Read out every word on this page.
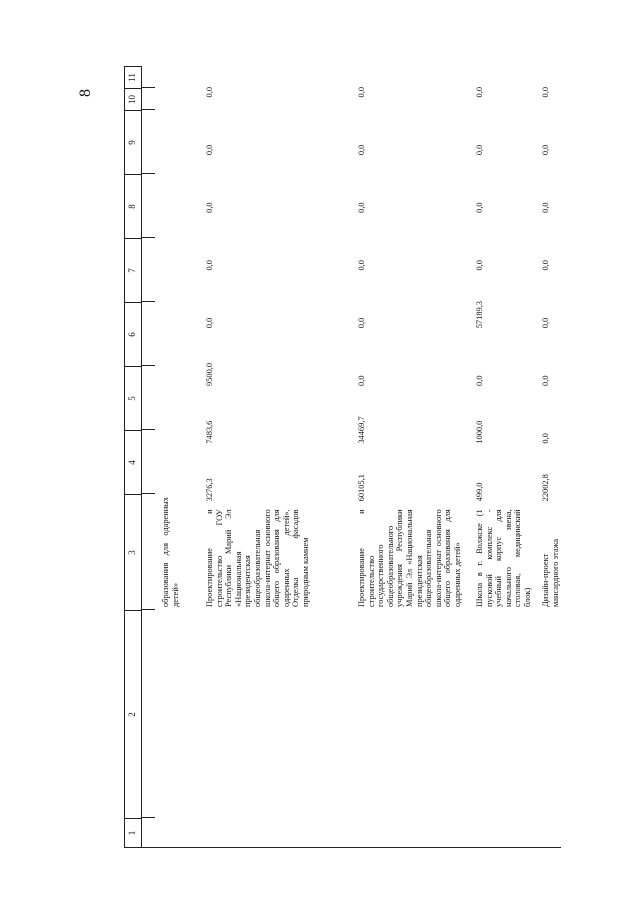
8
1
2
3
4
5
6
7
8
9
10
11
образования для одаренных детей»	Проектирование и строительство ГОУ Республики Марий Эл «Национальная президентская общеобразовательная школа-интернат основного общего образования для одаренных детей». Отделка фасадов природным камнем
3276,3
7483,6
9500,0
0,0
0,0
0,0
0,0
0,0
Проектирование и строительство государственного общеобразовательного учреждения Республики Марий Эл «Национальная президентская общеобразовательная школа-интернат основного общего образования для одаренных детей»
60105,1
34469,7
0,0
0,0
0,0
0,0
0,0
0,0
Школа в г. Волжске (1 пусковой комплекс - учебный корпус для начального звена, столовая, медицинский блок)
499,0
1000,0
0,0
57189,3
0,0
0,0
0,0
0,0
Дизайн-проект мансардного этажа
22002,8
0,0
0,0
0,0
0,0
0,0
0,0
0,0
